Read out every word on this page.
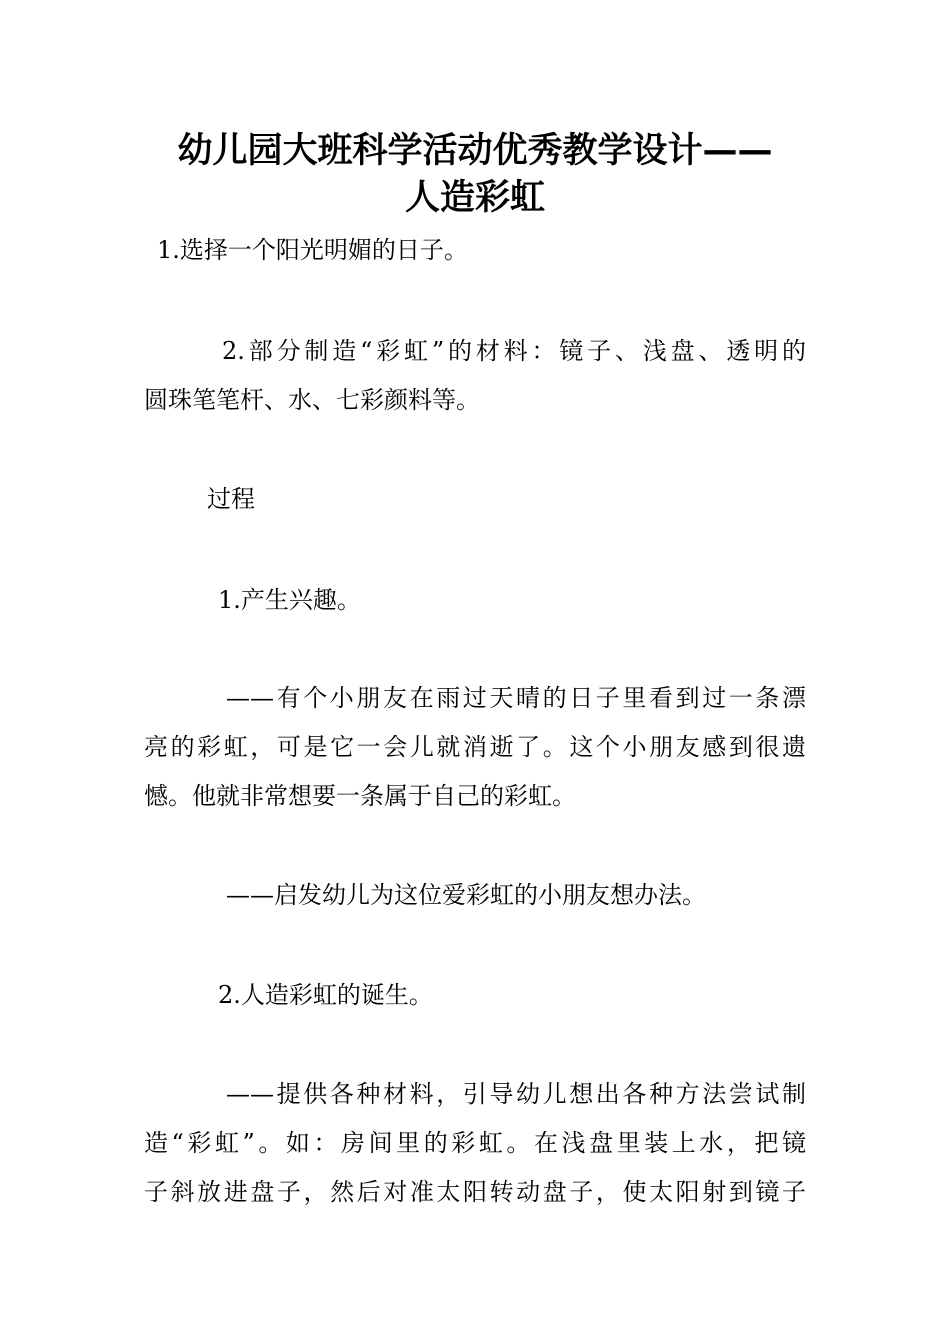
幼儿园大班科学活动优秀教学设计——
人造彩虹

1.选择一个阳光明媚的日子。

2.部分制造“彩虹”的材料：镜子、浅盘、透明的

圆珠笔笔杆、水、七彩颜料等。

过程

1.产生兴趣。

——有个小朋友在雨过天晴的日子里看到过一条漂

亮的彩虹，可是它一会儿就消逝了。这个小朋友感到很遗

憾。他就非常想要一条属于自己的彩虹。

——启发幼儿为这位爱彩虹的小朋友想办法。

2.人造彩虹的诞生。

——提供各种材料，引导幼儿想出各种方法尝试制

造“彩虹”。如：房间里的彩虹。在浅盘里装上水，把镜

子斜放进盘子，然后对准太阳转动盘子，使太阳射到镜子
